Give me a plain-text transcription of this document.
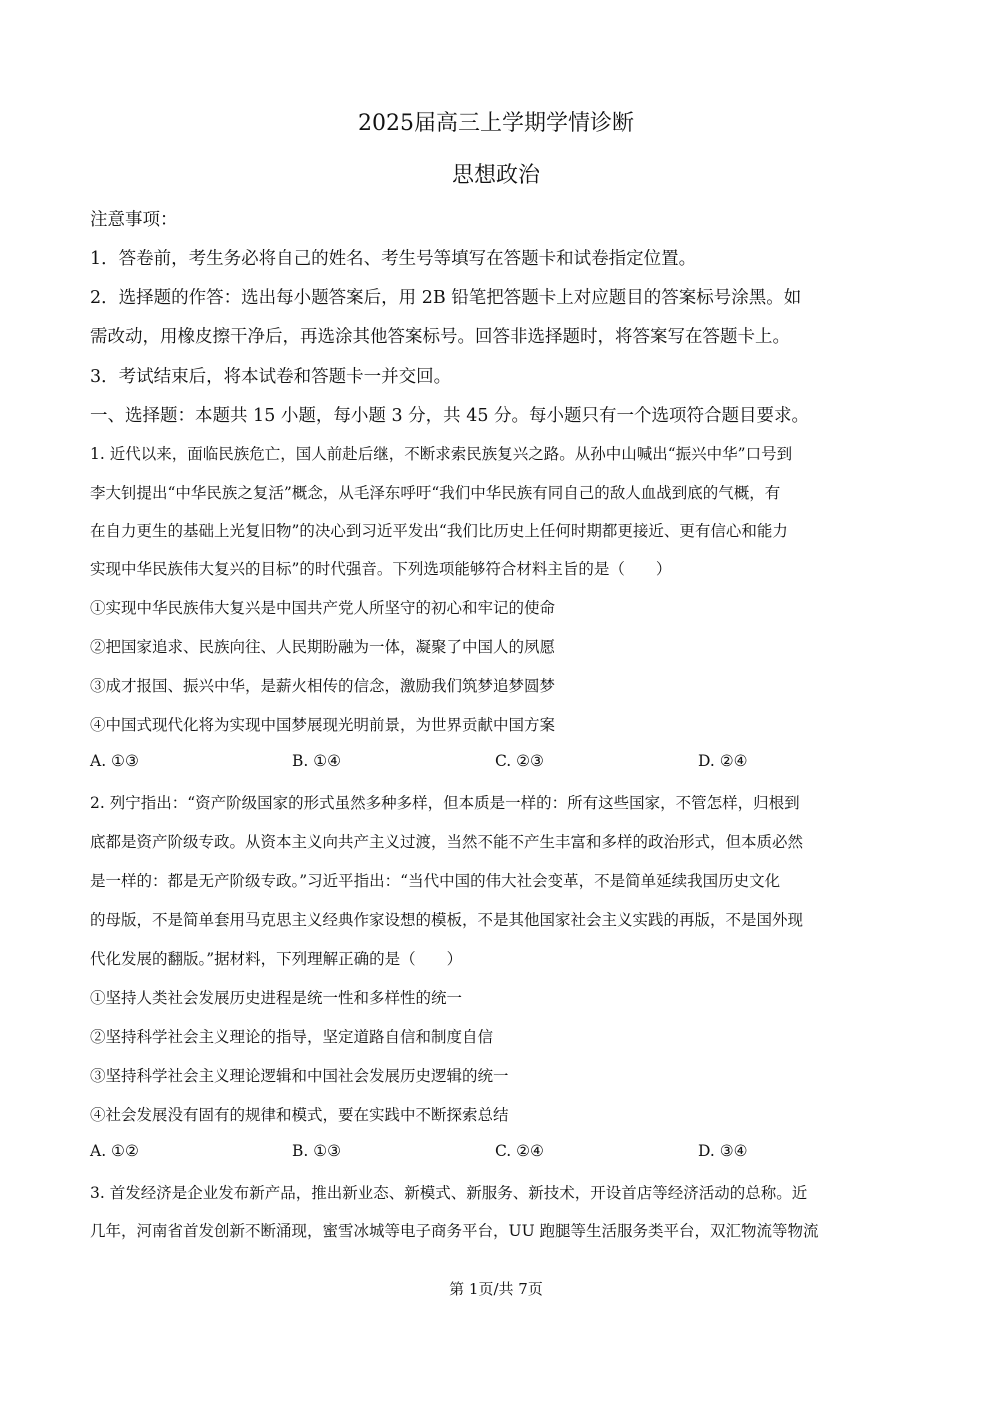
2025届高三上学期学情诊断
思想政治
注意事项：
1．答卷前，考生务必将自己的姓名、考生号等填写在答题卡和试卷指定位置。
2．选择题的作答：选出每小题答案后，用 2B 铅笔把答题卡上对应题目的答案标号涂黑。如
需改动，用橡皮擦干净后，再选涂其他答案标号。回答非选择题时，将答案写在答题卡上。
3．考试结束后，将本试卷和答题卡一并交回。
一、选择题：本题共 15 小题，每小题 3 分，共 45 分。每小题只有一个选项符合题目要求。
1. 近代以来，面临民族危亡，国人前赴后继，不断求索民族复兴之路。从孙中山喊出“振兴中华”口号到
李大钊提出“中华民族之复活”概念，从毛泽东呼吁“我们中华民族有同自己的敌人血战到底的气概，有
在自力更生的基础上光复旧物”的决心到习近平发出“我们比历史上任何时期都更接近、更有信心和能力
实现中华民族伟大复兴的目标”的时代强音。下列选项能够符合材料主旨的是（　　）
①实现中华民族伟大复兴是中国共产党人所坚守的初心和牢记的使命
②把国家追求、民族向往、人民期盼融为一体，凝聚了中国人的夙愿
③成才报国、振兴中华，是薪火相传的信念，激励我们筑梦追梦圆梦
④中国式现代化将为实现中国梦展现光明前景，为世界贡献中国方案
A. ①③	B. ①④	C. ②③	D. ②④
2. 列宁指出：“资产阶级国家的形式虽然多种多样，但本质是一样的：所有这些国家，不管怎样，归根到
底都是资产阶级专政。从资本主义向共产主义过渡，当然不能不产生丰富和多样的政治形式，但本质必然
是一样的：都是无产阶级专政。”习近平指出：“当代中国的伟大社会变革，不是简单延续我国历史文化
的母版，不是简单套用马克思主义经典作家设想的模板，不是其他国家社会主义实践的再版，不是国外现
代化发展的翻版。”据材料，下列理解正确的是（　　）
①坚持人类社会发展历史进程是统一性和多样性的统一
②坚持科学社会主义理论的指导，坚定道路自信和制度自信
③坚持科学社会主义理论逻辑和中国社会发展历史逻辑的统一
④社会发展没有固有的规律和模式，要在实践中不断探索总结
A. ①②	B. ①③	C. ②④	D. ③④
3. 首发经济是企业发布新产品，推出新业态、新模式、新服务、新技术，开设首店等经济活动的总称。近
几年，河南省首发创新不断涌现，蜜雪冰城等电子商务平台，UU 跑腿等生活服务类平台，双汇物流等物流
第 1页/共 7页
